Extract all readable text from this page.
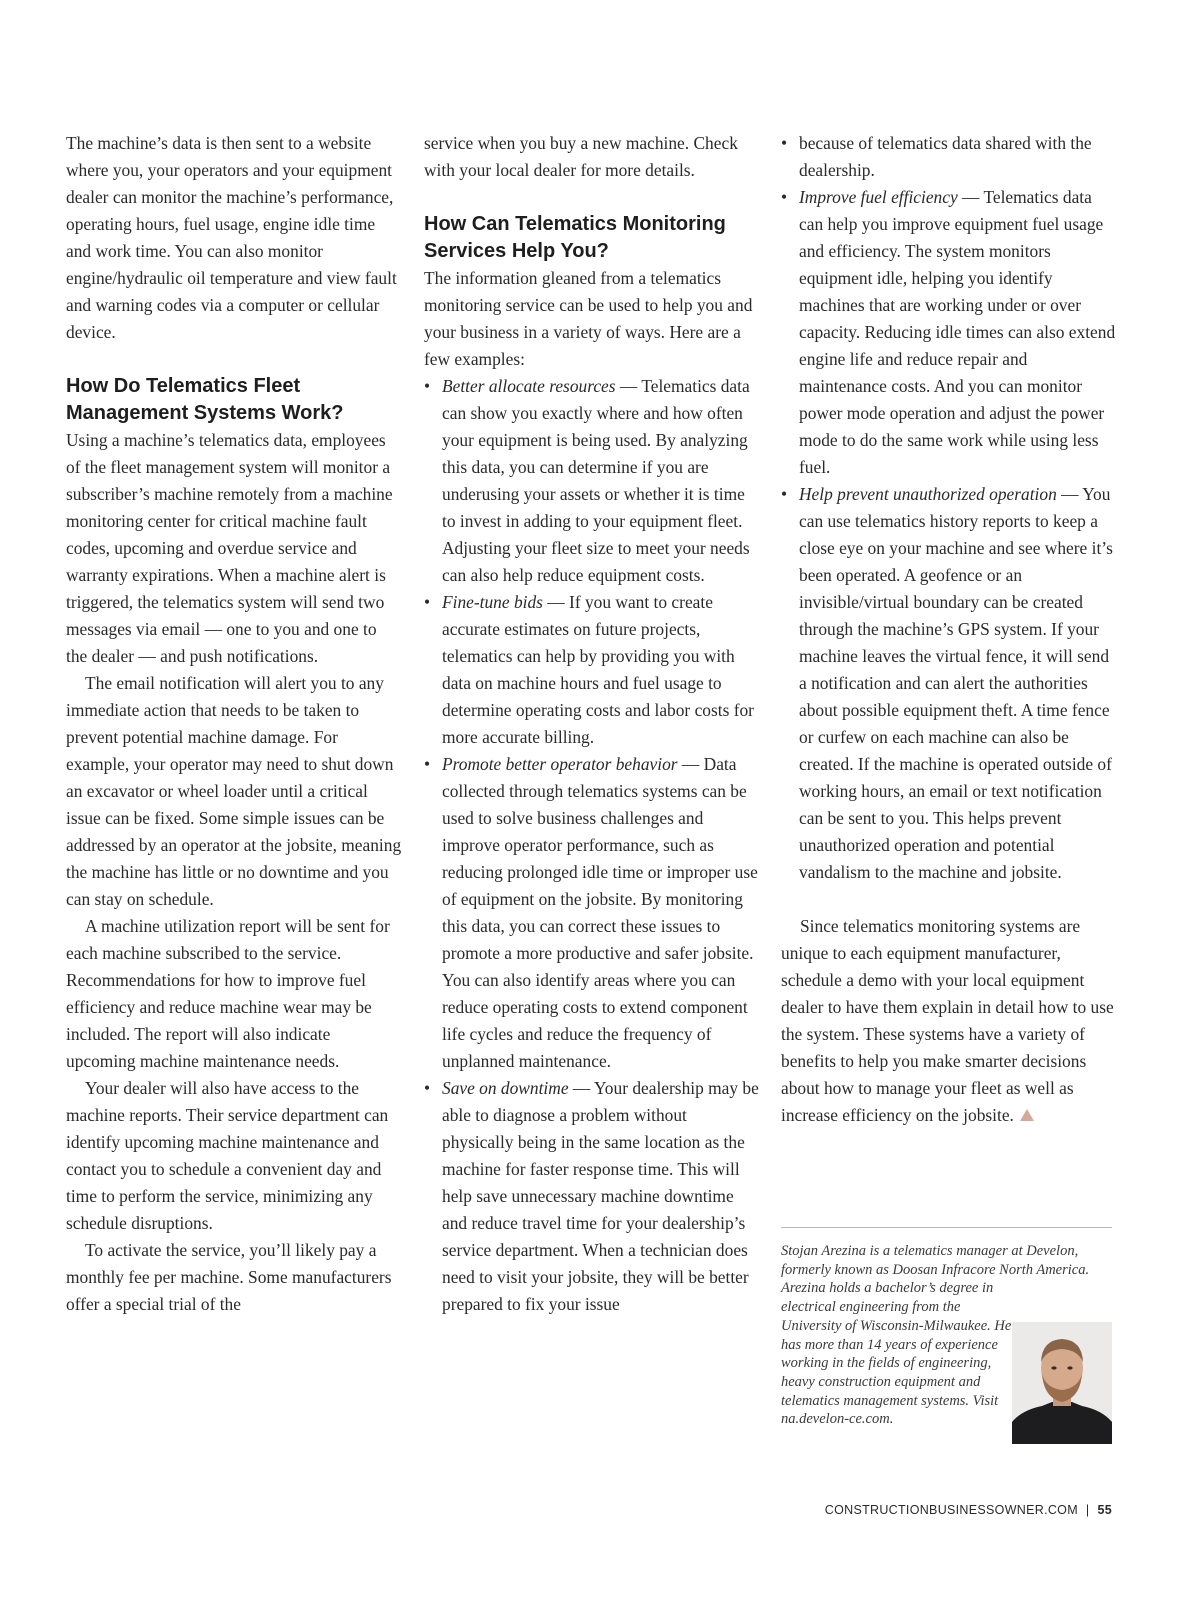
The machine’s data is then sent to a website where you, your operators and your equipment dealer can monitor the machine’s performance, operating hours, fuel usage, engine idle time and work time. You can also monitor engine/hydraulic oil temperature and view fault and warning codes via a computer or cellular device.

How Do Telematics Fleet Management Systems Work?

Using a machine’s telematics data, employees of the fleet management system will monitor a subscriber’s machine remotely from a machine monitoring center for critical machine fault codes, upcoming and overdue service and warranty expirations. When a machine alert is triggered, the telematics system will send two messages via email — one to you and one to the dealer — and push notifications.

The email notification will alert you to any immediate action that needs to be taken to prevent potential machine damage. For example, your operator may need to shut down an excavator or wheel loader until a critical issue can be fixed. Some simple issues can be addressed by an operator at the jobsite, meaning the machine has little or no downtime and you can stay on schedule.

A machine utilization report will be sent for each machine subscribed to the service. Recommendations for how to improve fuel efficiency and reduce machine wear may be included. The report will also indicate upcoming machine maintenance needs.

Your dealer will also have access to the machine reports. Their service department can identify upcoming machine maintenance and contact you to schedule a convenient day and time to perform the service, minimizing any schedule disruptions.

To activate the service, you’ll likely pay a monthly fee per machine. Some manufacturers offer a special trial of the

service when you buy a new machine. Check with your local dealer for more details.

How Can Telematics Monitoring Services Help You?

The information gleaned from a telematics monitoring service can be used to help you and your business in a variety of ways. Here are a few examples:

• Better allocate resources — Telematics data can show you exactly where and how often your equipment is being used. By analyzing this data, you can determine if you are underusing your assets or whether it is time to invest in adding to your equipment fleet. Adjusting your fleet size to meet your needs can also help reduce equipment costs.
• Fine-tune bids — If you want to create accurate estimates on future projects, telematics can help by providing you with data on machine hours and fuel usage to determine operating costs and labor costs for more accurate billing.
• Promote better operator behavior — Data collected through telematics systems can be used to solve business challenges and improve operator performance, such as reducing prolonged idle time or improper use of equipment on the jobsite. By monitoring this data, you can correct these issues to promote a more productive and safer jobsite. You can also identify areas where you can reduce operating costs to extend component life cycles and reduce the frequency of unplanned maintenance.
• Save on downtime — Your dealership may be able to diagnose a problem without physically being in the same location as the machine for faster response time. This will help save unnecessary machine downtime and reduce travel time for your dealership’s service department. When a technician does need to visit your jobsite, they will be better prepared to fix your issue
• because of telematics data shared with the dealership.
• Improve fuel efficiency — Telematics data can help you improve equipment fuel usage and efficiency. The system monitors equipment idle, helping you identify machines that are working under or over capacity. Reducing idle times can also extend engine life and reduce repair and maintenance costs. And you can monitor power mode operation and adjust the power mode to do the same work while using less fuel.
• Help prevent unauthorized operation — You can use telematics history reports to keep a close eye on your machine and see where it’s been operated. A geofence or an invisible/virtual boundary can be created through the machine’s GPS system. If your machine leaves the virtual fence, it will send a notification and can alert the authorities about possible equipment theft. A time fence or curfew on each machine can also be created. If the machine is operated outside of working hours, an email or text notification can be sent to you. This helps prevent unauthorized operation and potential vandalism to the machine and jobsite.

Since telematics monitoring systems are unique to each equipment manufacturer, schedule a demo with your local equipment dealer to have them explain in detail how to use the system. These systems have a variety of benefits to help you make smarter decisions about how to manage your fleet as well as increase efficiency on the jobsite.

Stojan Arezina is a telematics manager at Develon, formerly known as Doosan Infracore North America.
Arezina holds a bachelor’s degree in electrical engineering from the University of Wisconsin-Milwaukee. He has more than 14 years of experience working in the fields of engineering, heavy construction equipment and telematics management systems. Visit na.develon-ce.com.
CONSTRUCTIONBUSINESSOWNER.COM | 55
